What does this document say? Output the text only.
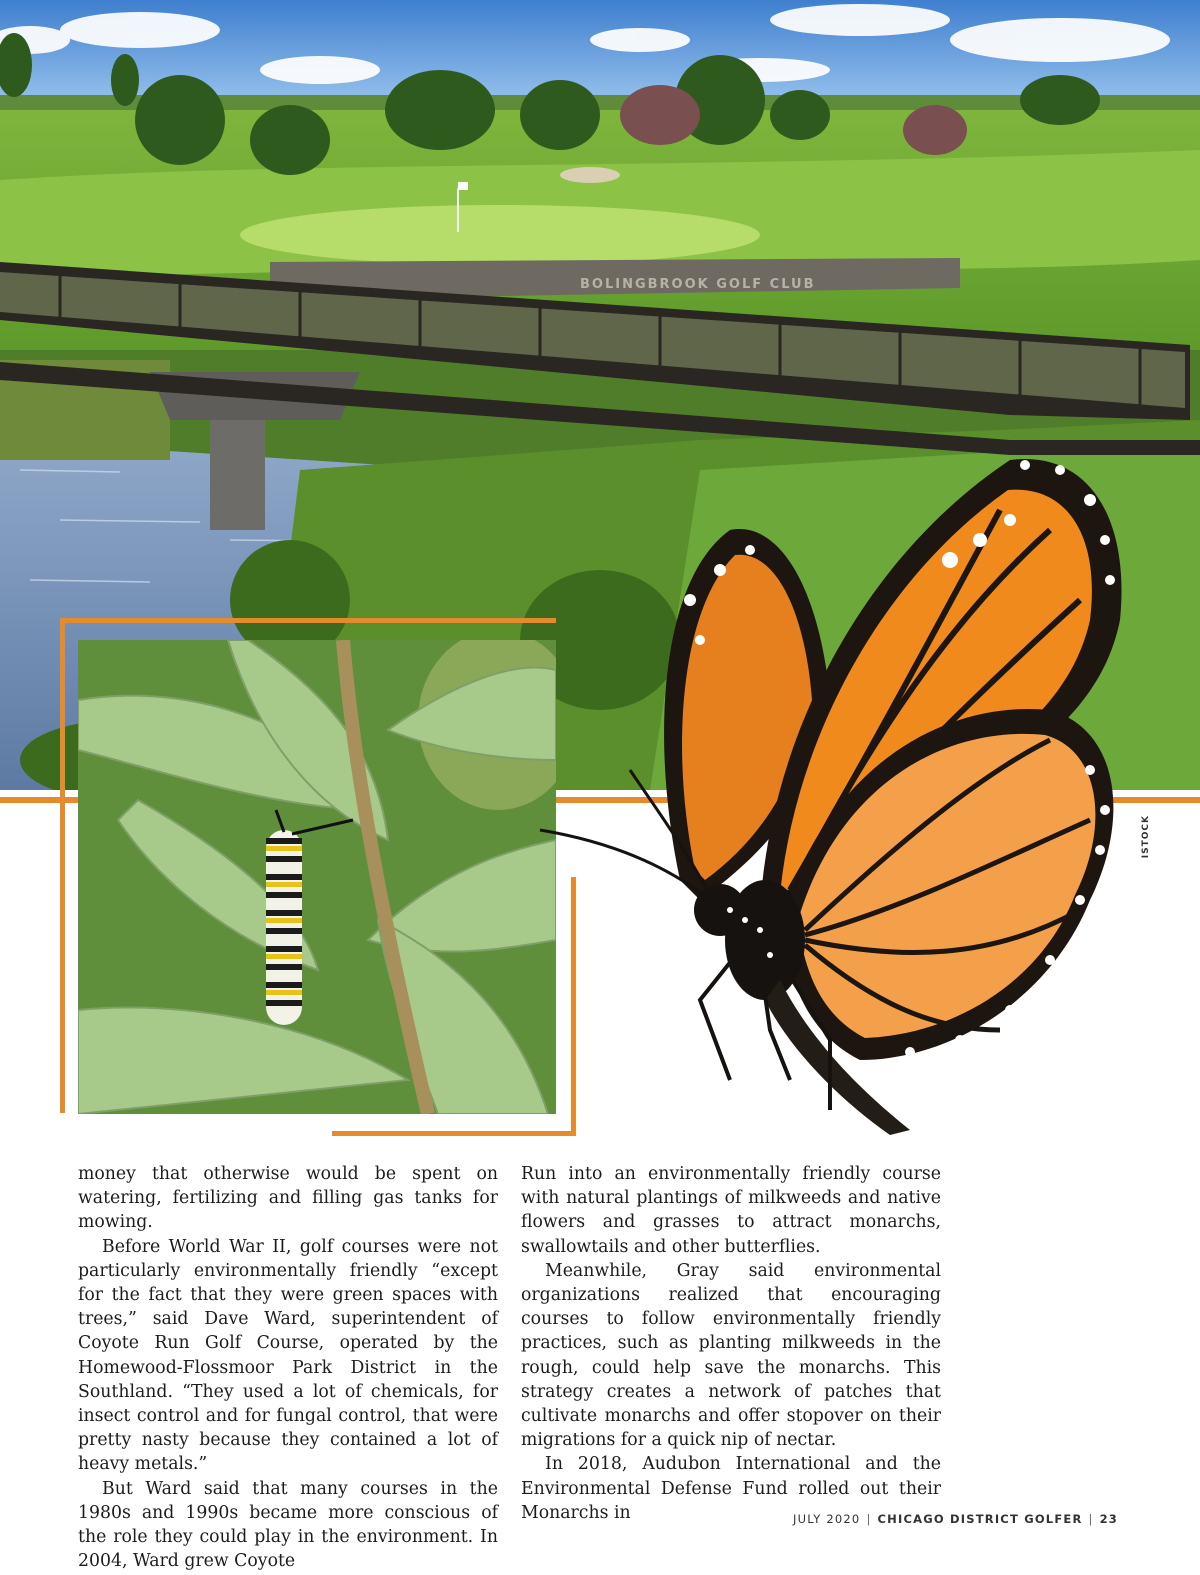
BOLINGBROOK GOLF CLUB
ISTOCK

money that otherwise would be spent on watering, fertilizing and filling gas tanks for mowing.

Before World War II, golf courses were not particularly environmentally friendly “except for the fact that they were green spaces with trees,” said Dave Ward, superintendent of Coyote Run Golf Course, operated by the Homewood-Flossmoor Park District in the Southland. “They used a lot of chemicals, for insect control and for fungal control, that were pretty nasty because they contained a lot of heavy metals.”

But Ward said that many courses in the 1980s and 1990s became more conscious of the role they could play in the environment. In 2004, Ward grew Coyote

Run into an environmentally friendly course with natural plantings of milkweeds and native flowers and grasses to attract monarchs, swallowtails and other butterflies.

Meanwhile, Gray said environmental organizations realized that encouraging courses to follow environmentally friendly practices, such as planting milkweeds in the rough, could help save the monarchs. This strategy creates a network of patches that cultivate monarchs and offer stopover on their migrations for a quick nip of nectar.

In 2018, Audubon International and the Environmental Defense Fund rolled out their Monarchs in	JULY 2020 | CHICAGO DISTRICT GOLFER | 23
